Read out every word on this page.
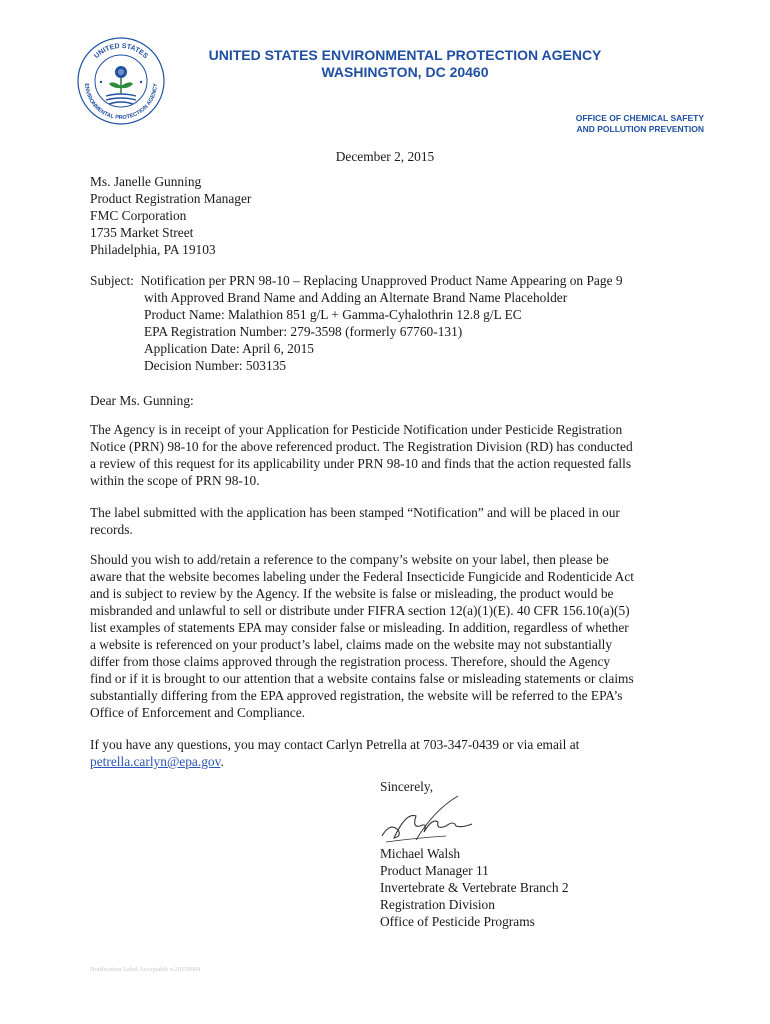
UNITED STATES
ENVIRONMENTAL PROTECTION AGENCY
UNITED STATES ENVIRONMENTAL PROTECTION AGENCY
WASHINGTON, DC 20460
OFFICE OF CHEMICAL SAFETY
AND POLLUTION PREVENTION
December 2, 2015
Ms. Janelle Gunning
Product Registration Manager
FMC Corporation
1735 Market Street
Philadelphia, PA 19103
Subject: Notification per PRN 98-10 – Replacing Unapproved Product Name Appearing on Page 9
with Approved Brand Name and Adding an Alternate Brand Name Placeholder
Product Name: Malathion 851 g/L + Gamma-Cyhalothrin 12.8 g/L EC
EPA Registration Number: 279-3598 (formerly 67760-131)
Application Date: April 6, 2015
Decision Number: 503135
Dear Ms. Gunning:
The Agency is in receipt of your Application for Pesticide Notification under Pesticide Registration
Notice (PRN) 98-10 for the above referenced product. The Registration Division (RD) has conducted
a review of this request for its applicability under PRN 98-10 and finds that the action requested falls
within the scope of PRN 98-10.
The label submitted with the application has been stamped “Notification” and will be placed in our
records.
Should you wish to add/retain a reference to the company’s website on your label, then please be
aware that the website becomes labeling under the Federal Insecticide Fungicide and Rodenticide Act
and is subject to review by the Agency. If the website is false or misleading, the product would be
misbranded and unlawful to sell or distribute under FIFRA section 12(a)(1)(E). 40 CFR 156.10(a)(5)
list examples of statements EPA may consider false or misleading. In addition, regardless of whether
a website is referenced on your product’s label, claims made on the website may not substantially
differ from those claims approved through the registration process. Therefore, should the Agency
find or if it is brought to our attention that a website contains false or misleading statements or claims
substantially differing from the EPA approved registration, the website will be referred to the EPA’s
Office of Enforcement and Compliance.
If you have any questions, you may contact Carlyn Petrella at 703-347-0439 or via email at
petrella.carlyn@epa.gov.
Sincerely,
Michael Walsh
Product Manager 11
Invertebrate & Vertebrate Branch 2
Registration Division
Office of Pesticide Programs
Notification Label Acceptable v.20150904
